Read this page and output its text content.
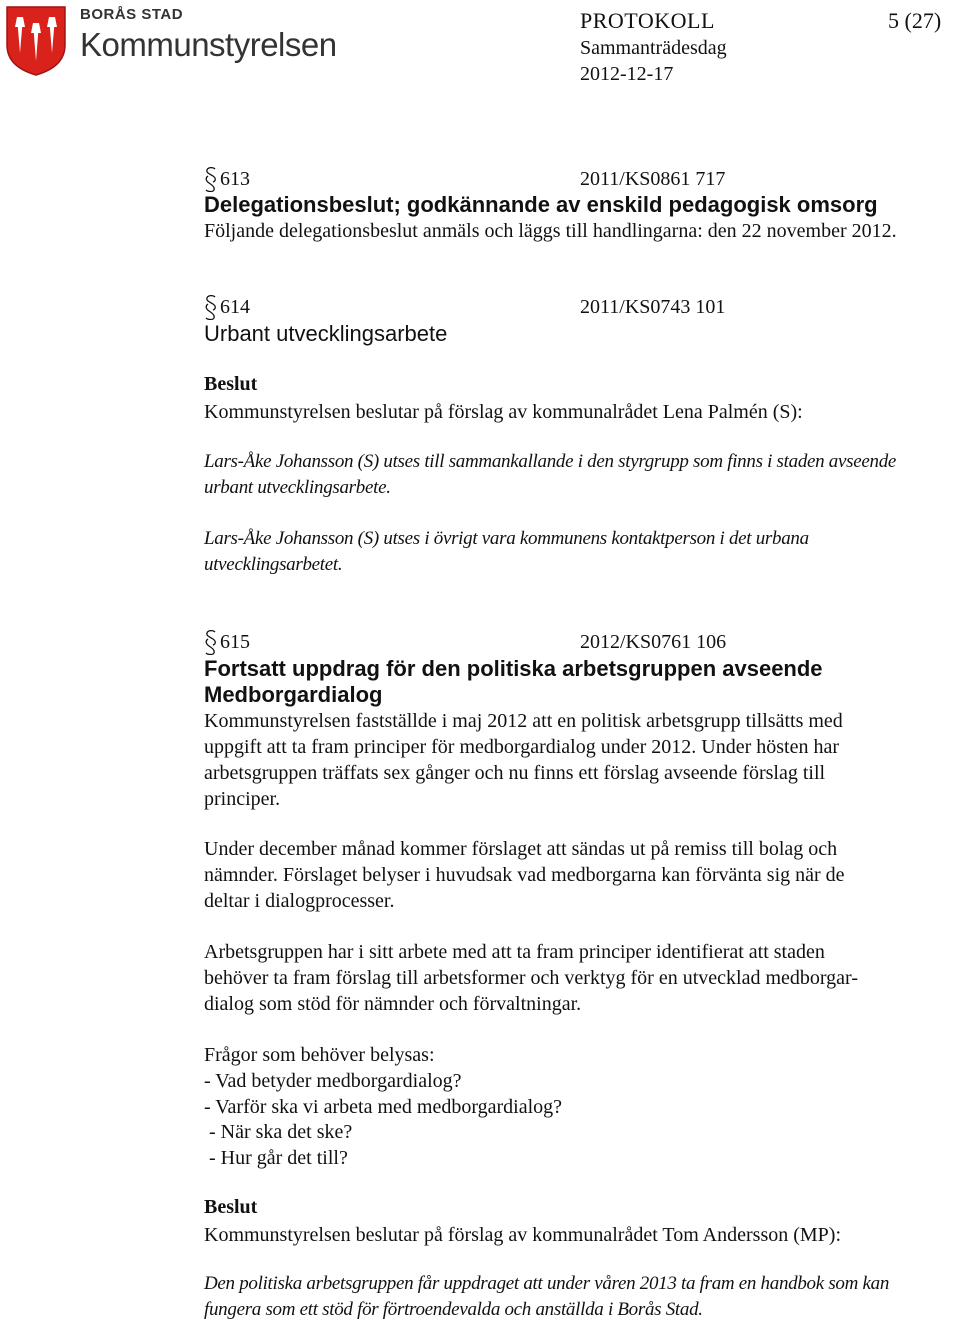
BORÅS STAD
Kommunstyrelsen
PROTOKOLL	5 (27)
Sammanträdesdag
2012-12-17
613	2011/KS0861 717
Delegationsbeslut; godkännande av enskild pedagogisk omsorg
Följande delegationsbeslut anmäls och läggs till handlingarna: den 22 november 2012.
614	2011/KS0743 101
Urbant utvecklingsarbete
Beslut
Kommunstyrelsen beslutar på förslag av kommunalrådet Lena Palmén (S):
Lars-Åke Johansson (S) utses till sammankallande i den styrgrupp som finns i staden avseende
urbant utvecklingsarbete.
Lars-Åke Johansson (S) utses i övrigt vara kommunens kontaktperson i det urbana
utvecklingsarbetet.
615	2012/KS0761 106
Fortsatt uppdrag för den politiska arbetsgruppen avseende
Medborgardialog
Kommunstyrelsen fastställde i maj 2012 att en politisk arbetsgrupp tillsätts med
uppgift att ta fram principer för medborgardialog under 2012. Under hösten har
arbetsgruppen träffats sex gånger och nu finns ett förslag avseende förslag till
principer.
Under december månad kommer förslaget att sändas ut på remiss till bolag och
nämnder. Förslaget belyser i huvudsak vad medborgarna kan förvänta sig när de
deltar i dialogprocesser.
Arbetsgruppen har i sitt arbete med att ta fram principer identifierat att staden
behöver ta fram förslag till arbetsformer och verktyg för en utvecklad medborgar-
dialog som stöd för nämnder och förvaltningar.
Frågor som behöver belysas:
- Vad betyder medborgardialog?
- Varför ska vi arbeta med medborgardialog?
- När ska det ske?
- Hur går det till?
Beslut
Kommunstyrelsen beslutar på förslag av kommunalrådet Tom Andersson (MP):
Den politiska arbetsgruppen får uppdraget att under våren 2013 ta fram en handbok som kan
fungera som ett stöd för förtroendevalda och anställda i Borås Stad.
